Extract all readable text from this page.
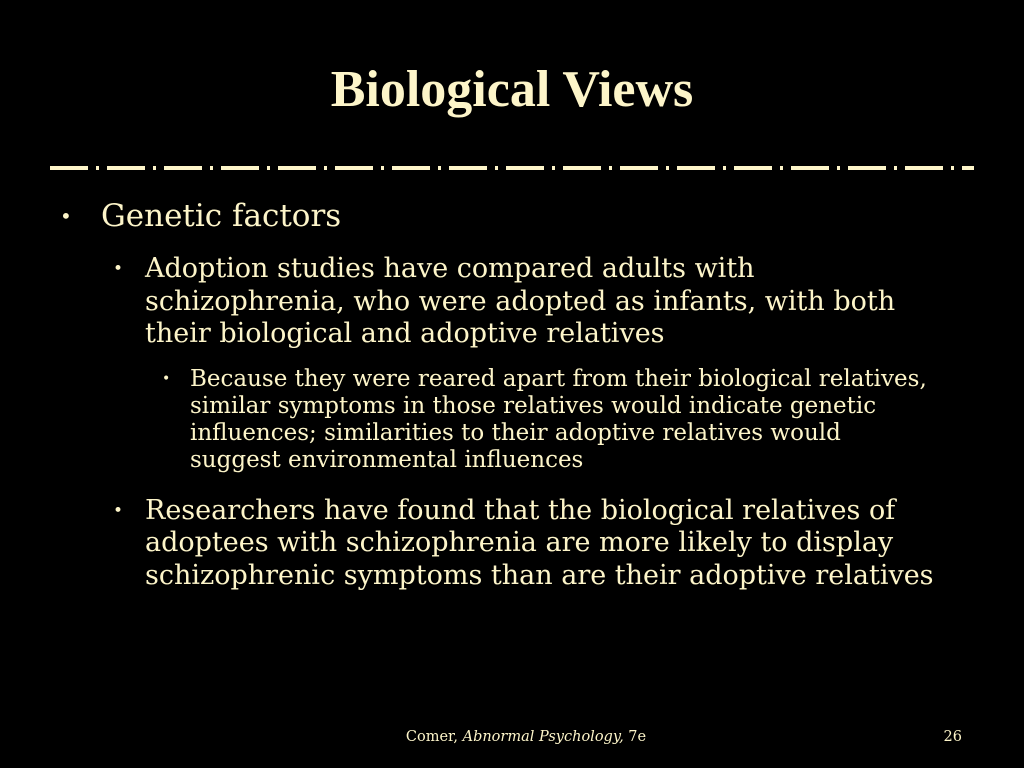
Biological Views
• Genetic factors
• Adoption studies have compared adults with schizophrenia, who were adopted as infants, with both their biological and adoptive relatives
• Because they were reared apart from their biological relatives, similar symptoms in those relatives would indicate genetic influences; similarities to their adoptive relatives would suggest environmental influences
• Researchers have found that the biological relatives of adoptees with schizophrenia are more likely to display schizophrenic symptoms than are their adoptive relatives
Comer, Abnormal Psychology, 7e	26
